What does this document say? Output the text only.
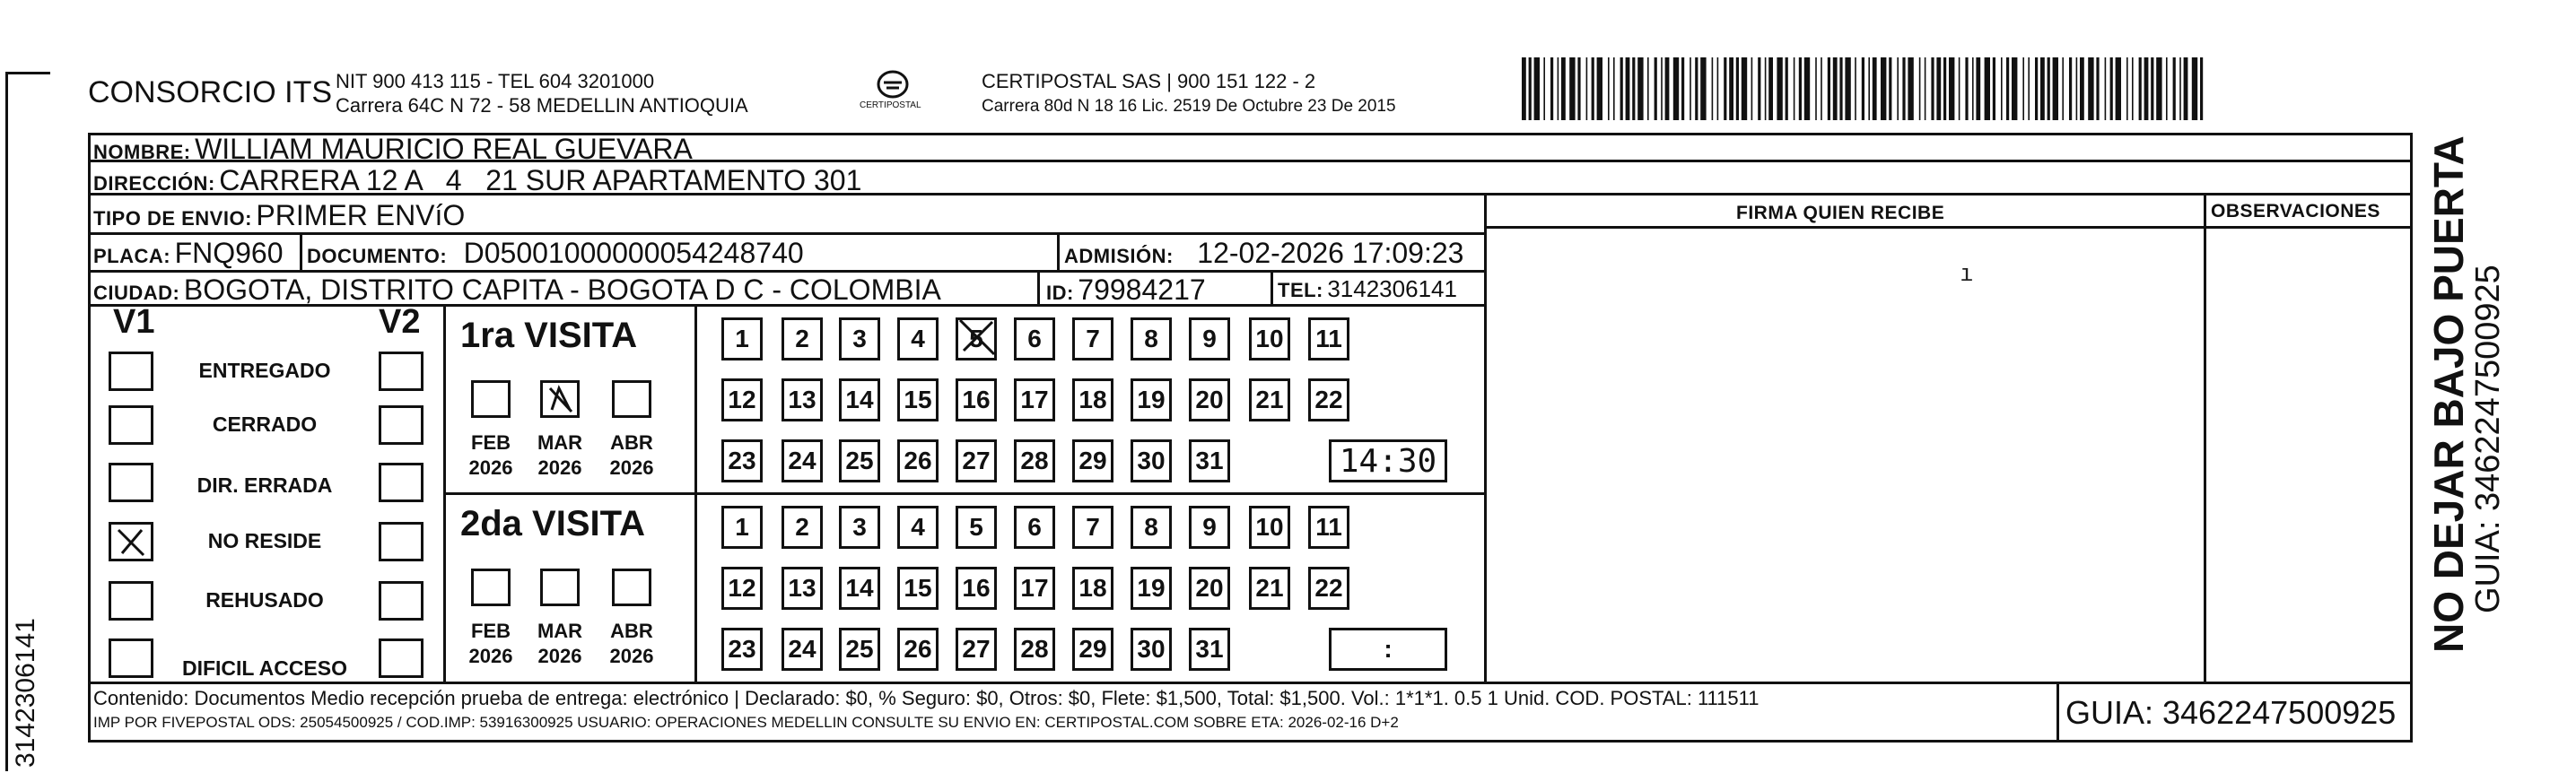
CONSORCIO ITS NIT 900 413 115 - TEL 604 3201000
Carrera 64C N 72 - 58 MEDELLIN ANTIOQUIA	CERTIPOSTAL
CERTIPOSTAL SAS | 900 151 122 - 2
Carrera 80d N 18 16 Lic. 2519 De Octubre 23 De 2015
NOMBRE: WILLIAM MAURICIO REAL GUEVARA
DIRECCIÓN: CARRERA 12 A   4   21 SUR APARTAMENTO 301
TIPO DE ENVIO: PRIMER ENVíO	FIRMA QUIEN RECIBE	OBSERVACIONES
PLACA: FNQ960 DOCUMENTO: D05001000000054248740	ADMISIÓN: 12-02-2026 17:09:23
CIUDAD: BOGOTA, DISTRITO CAPITA - BOGOTA D C - COLOMBIA	ID: 79984217	TEL: 3142306141
ı
V1	V2
ENTREGADO
CERRADO
DIR. ERRADA
NO RESIDE
REHUSADO
DIFICIL ACCESO
1ra VISITA
FEB
2026
MAR
2026
ABR
2026
1	2	3	4	5	6	7	8	9	10 11
12 13 14 15 16 17 18 19 20 21 22
23 24 25 26 27 28 29 30 31	14:30
2da VISITA
FEB
2026
MAR
2026
ABR
2026
1	2	3	4	5	6	7	8	9	10 11
12 13 14 15 16 17 18 19 20 21 22
23 24 25 26 27 28 29 30 31	:
Contenido: Documentos Medio recepción prueba de entrega: electrónico | Declarado: $0, % Seguro: $0, Otros: $0, Flete: $1,500, Total: $1,500. Vol.: 1*1*1. 0.5 1 Unid. COD. POSTAL: 111511
IMP POR FIVEPOSTAL ODS: 25054500925 / COD.IMP: 53916300925 USUARIO: OPERACIONES MEDELLIN CONSULTE SU ENVIO EN: CERTIPOSTAL.COM SOBRE ETA: 2026-02-16 D+2	GUIA: 3462247500925
NO DEJAR BAJO PUERTA
GUIA: 3462247500925
3142306141
